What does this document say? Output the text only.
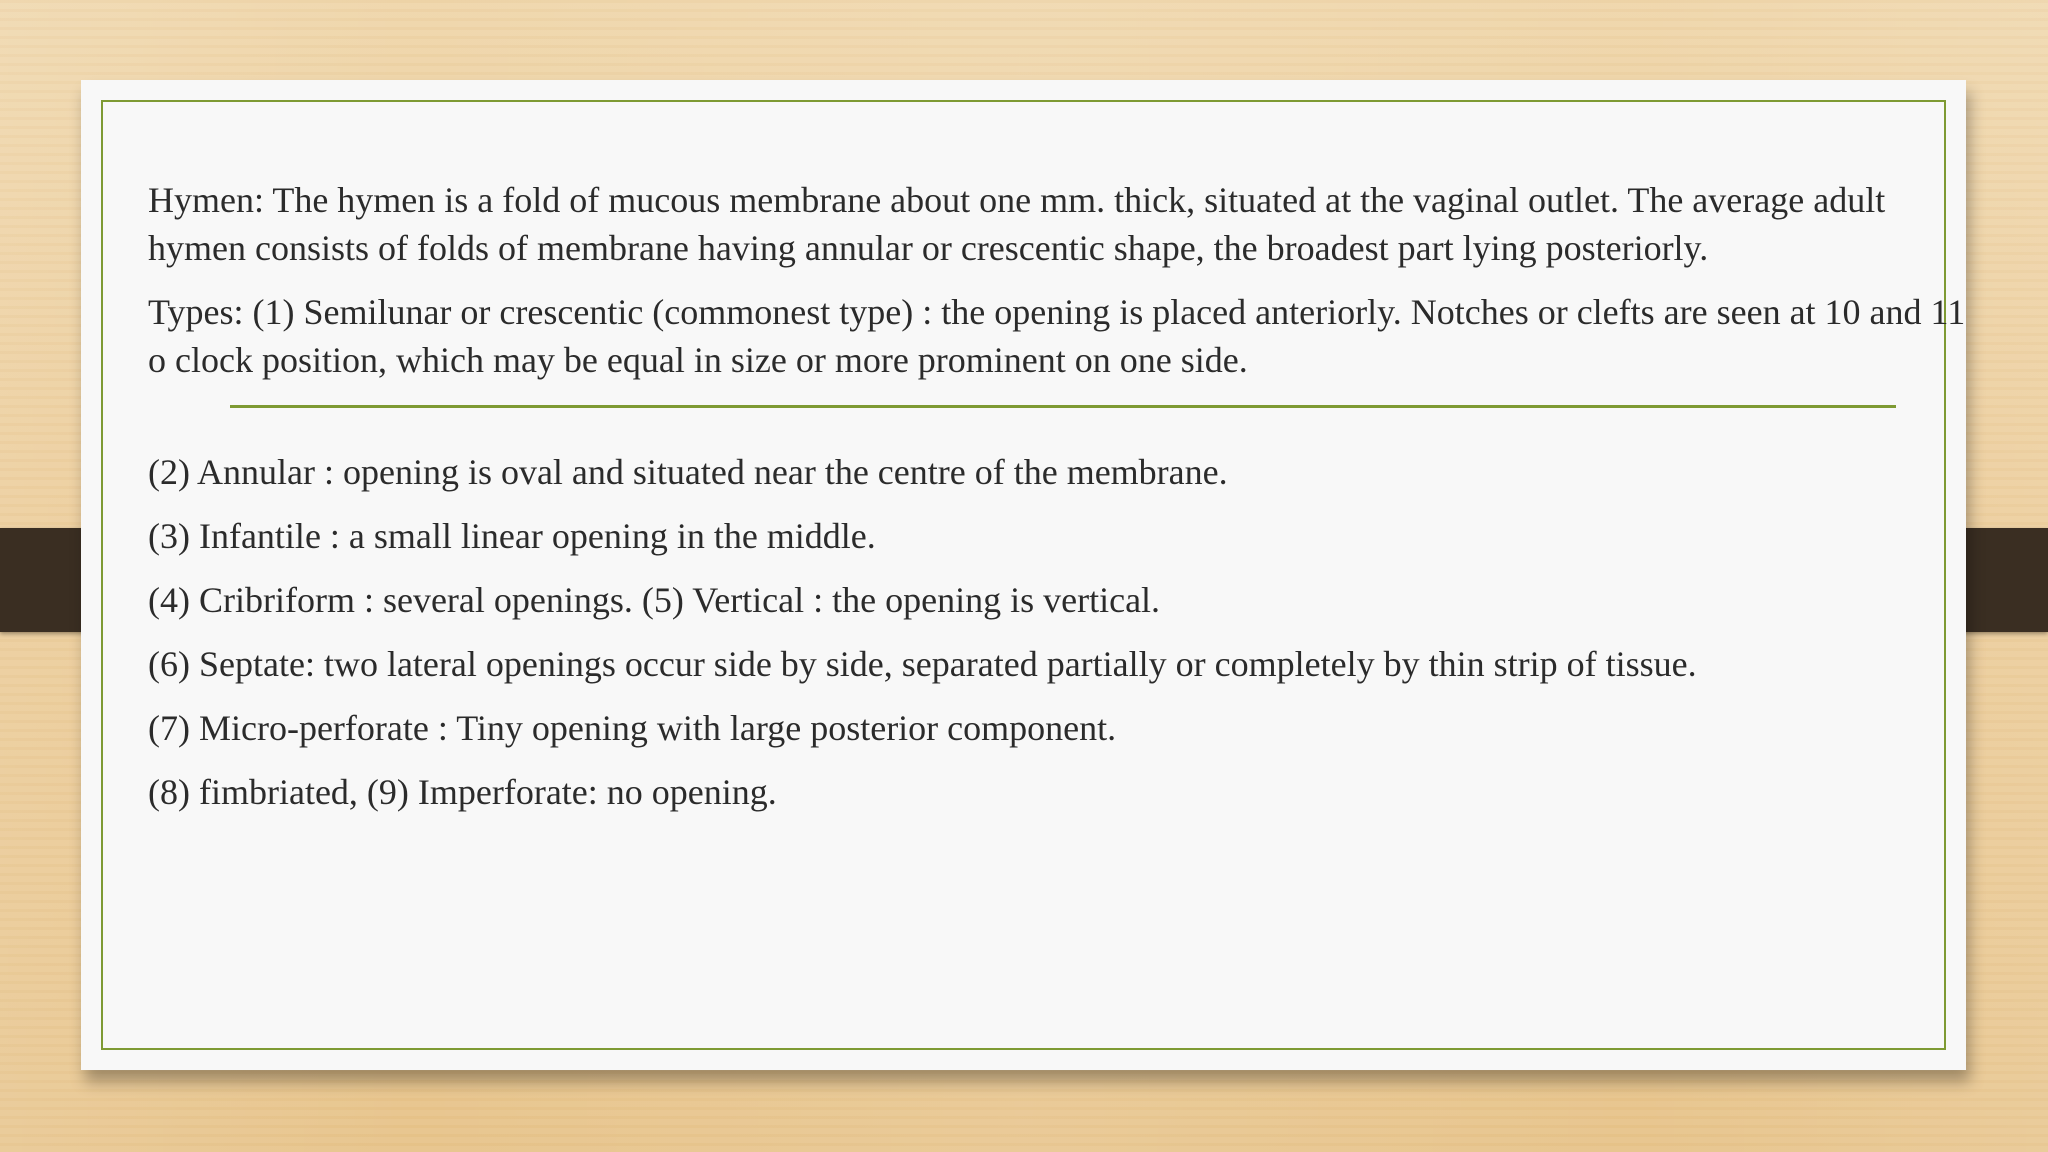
Hymen: The hymen is a fold of mucous membrane about one mm. thick, situated at the vaginal outlet. The average adult hymen consists of folds of membrane having annular or crescentic shape, the broadest part lying posteriorly.

Types: (1) Semilunar or crescentic (commonest type) : the opening is placed anteriorly. Notches or clefts are seen at 10 and 11 o clock position, which may be equal in size or more prominent on one side.

(2) Annular : opening is oval and situated near the centre of the membrane.

(3) Infantile : a small linear opening in the middle.

(4) Cribriform : several openings. (5) Vertical : the opening is vertical.

(6) Septate: two lateral openings occur side by side, separated partially or completely by thin strip of tissue.

(7) Micro-perforate : Tiny opening with large posterior component.

(8) fimbriated, (9) Imperforate: no opening.
